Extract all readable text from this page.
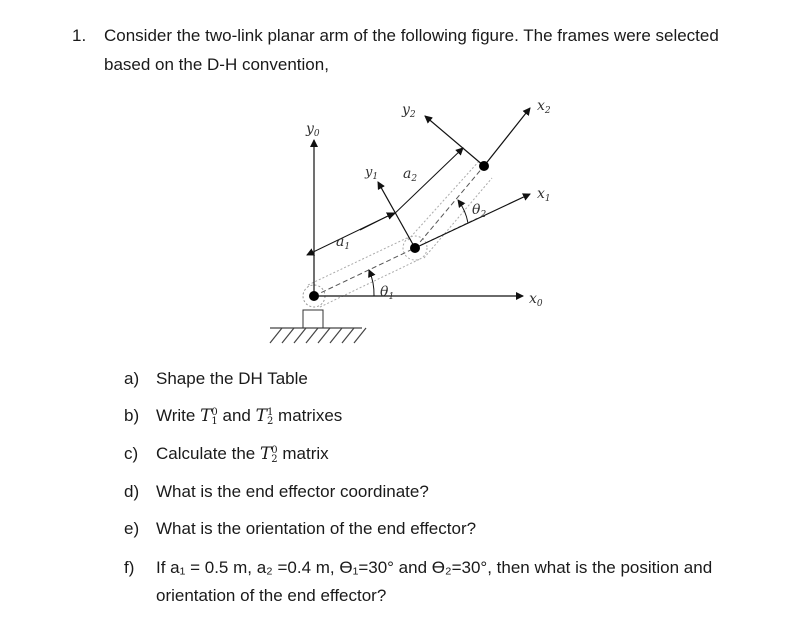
1. Consider the two-link planar arm of the following figure. The frames were selected
based on the D-H convention,
$y_0$
$y_1$
$y_2$
$x_0$
$x_1$
$x_2$
$a_1$
$a_2$
$\theta_1$
$\theta_2$
a) Shape the DH Table
b) Write T 0
1 and T 1
2 matrixes
c) Calculate the T 0
2 matrix
d) What is the end effector coordinate?
e) What is the orientation of the end effector?
f) If a₁ = 0.5 m, a₂ =0.4 m, ϴ₁=30° and ϴ₂=30°, then what is the position and
orientation of the end effector?
